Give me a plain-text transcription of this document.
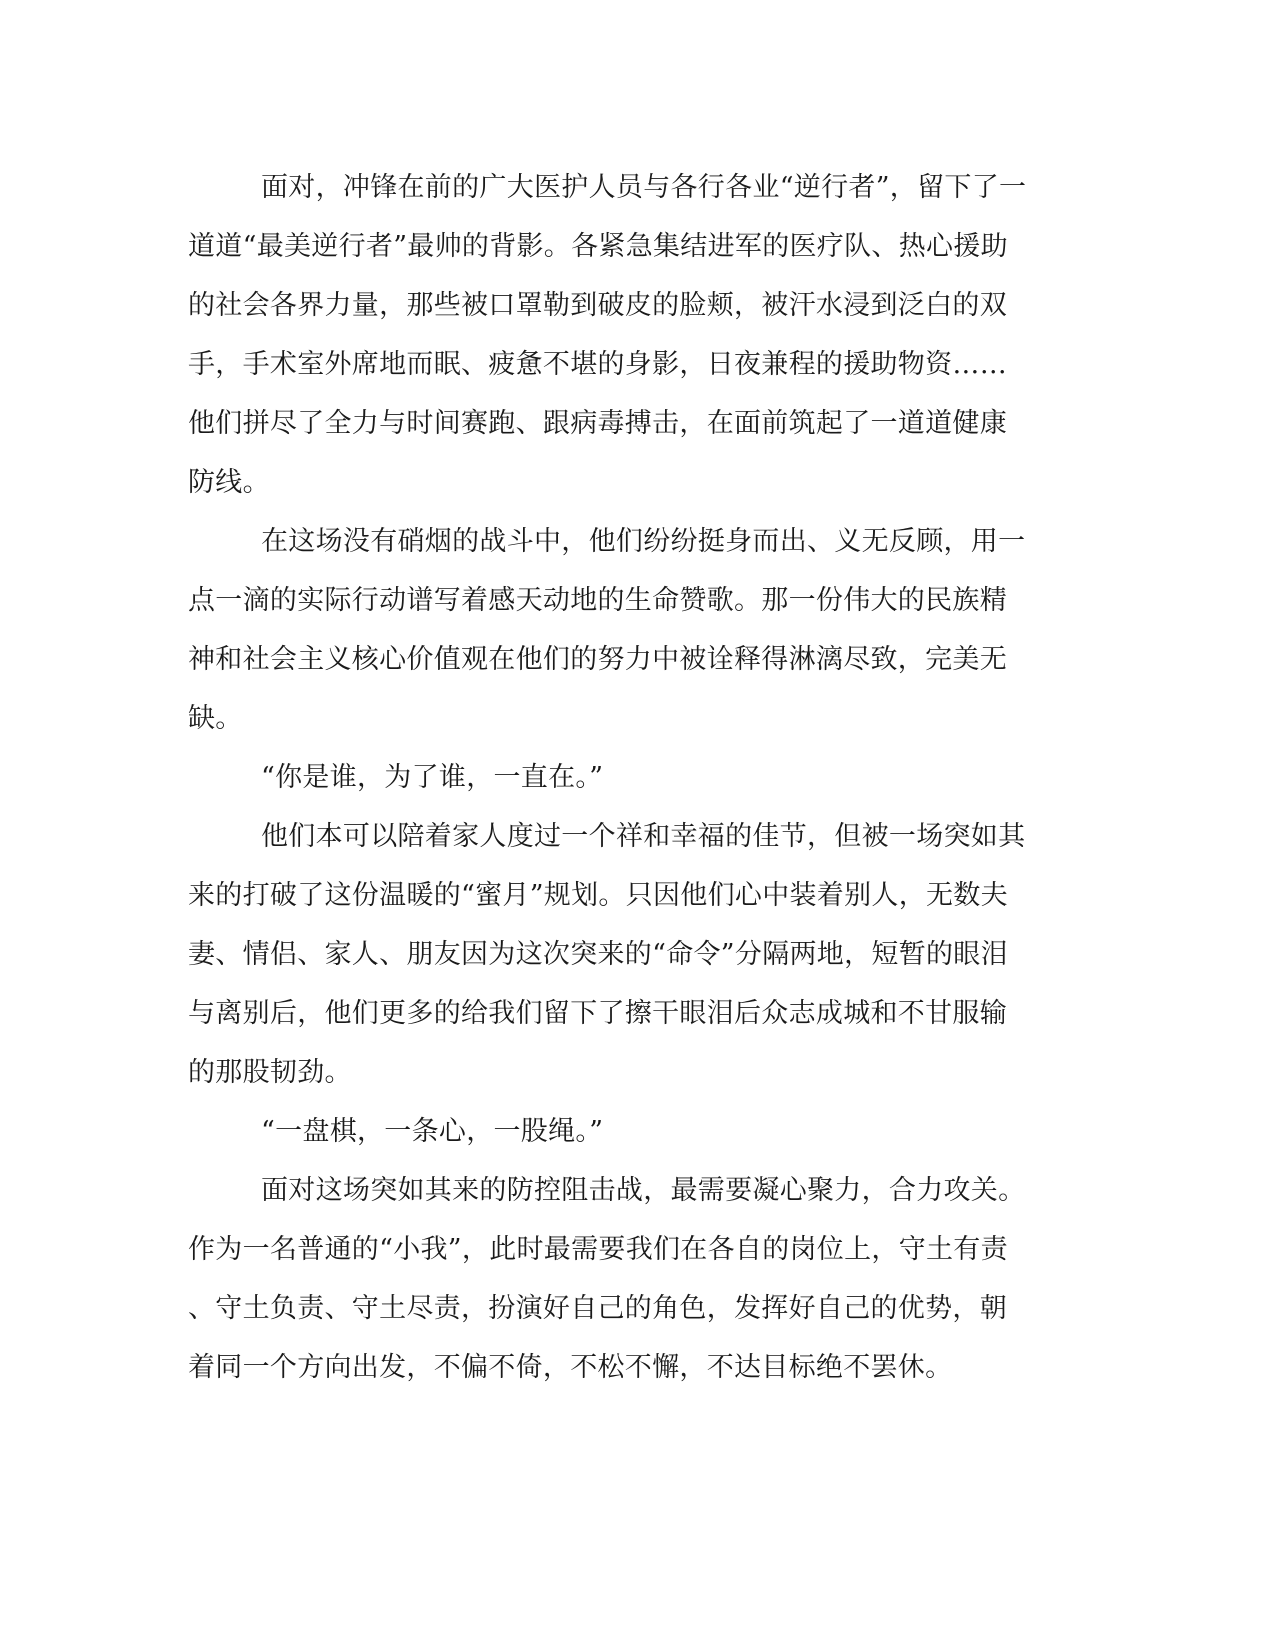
面对，冲锋在前的广大医护人员与各行各业“逆行者”，留下了一
道道“最美逆行者”最帅的背影。各紧急集结进军的医疗队、热心援助
的社会各界力量，那些被口罩勒到破皮的脸颊，被汗水浸到泛白的双
手，手术室外席地而眠、疲惫不堪的身影，日夜兼程的援助物资……
他们拼尽了全力与时间赛跑、跟病毒搏击，在面前筑起了一道道健康
防线。
在这场没有硝烟的战斗中，他们纷纷挺身而出、义无反顾，用一
点一滴的实际行动谱写着感天动地的生命赞歌。那一份伟大的民族精
神和社会主义核心价值观在他们的努力中被诠释得淋漓尽致，完美无
缺。
“你是谁，为了谁，一直在。”
他们本可以陪着家人度过一个祥和幸福的佳节，但被一场突如其
来的打破了这份温暖的“蜜月”规划。只因他们心中装着别人，无数夫
妻、情侣、家人、朋友因为这次突来的“命令”分隔两地，短暂的眼泪
与离别后，他们更多的给我们留下了擦干眼泪后众志成城和不甘服输
的那股韧劲。
“一盘棋，一条心，一股绳。”
面对这场突如其来的防控阻击战，最需要凝心聚力，合力攻关。
作为一名普通的“小我”，此时最需要我们在各自的岗位上，守土有责
、守土负责、守土尽责，扮演好自己的角色，发挥好自己的优势，朝
着同一个方向出发，不偏不倚，不松不懈，不达目标绝不罢休。
